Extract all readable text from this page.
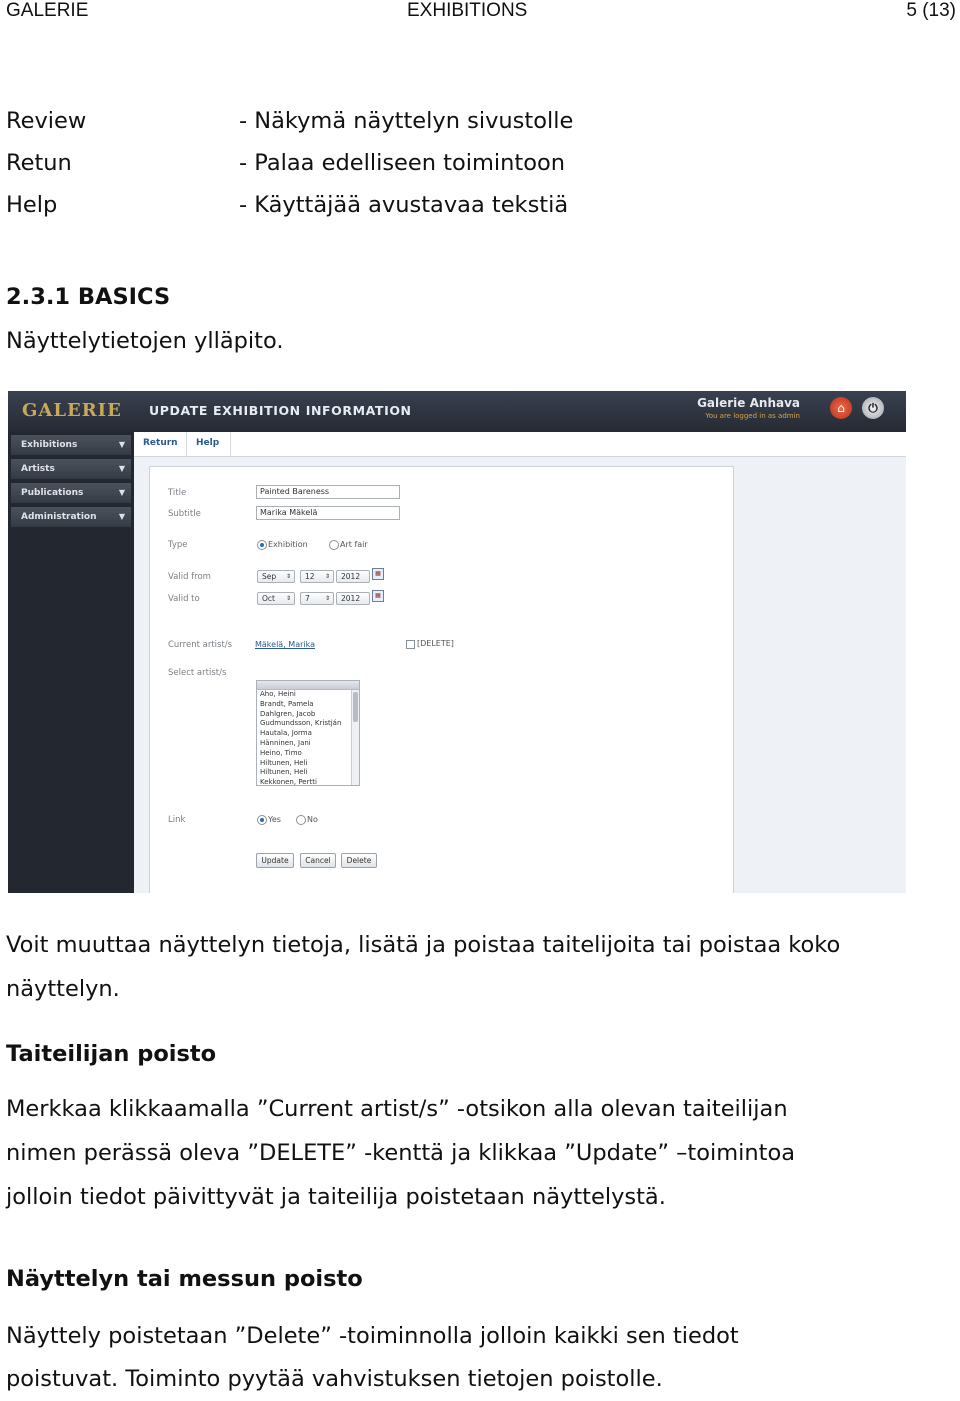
GALERIE	EXHIBITIONS	5 (13)
Review	- Näkymä näyttelyn sivustolle
Retun	- Palaa edelliseen toimintoon
Help	- Käyttäjää avustavaa tekstiä
2.3.1 BASICS
Näyttelytietojen ylläpito.
GALERIE UPDATE EXHIBITION INFORMATION	Galerie Anhava
You are logged in as admin
⌂	⏻
Exhibitions	▼
Artists	▼
Publications	▼
Administration	▼
Return Help
Title	Painted Bareness
Subtitle	Marika Mäkelä
Type	Exhibition	Art fair
Valid from	Sep ⇕	12 ⇕	2012	▦
Valid to	Oct ⇕	7	⇕	2012	▦
Current artist/s	Mäkelä, Marika	[DELETE]
Select artist/s
Aho, Heini
Brandt, Pamela
Dahlgren, Jacob
Gudmundsson, Kristján
Hautala, Jorma
Hänninen, Jani
Heino, Timo
Hiltunen, Heli
Hiltunen, Heli
Kekkonen, Pertti
Link	Yes	No
Update	Cancel	Delete
Voit muuttaa näyttelyn tietoja, lisätä ja poistaa taitelijoita tai poistaa koko
näyttelyn.
Taiteilijan poisto
Merkkaa klikkaamalla ”Current artist/s” -otsikon alla olevan taiteilijan
nimen perässä oleva ”DELETE” -kenttä ja klikkaa ”Update” –toimintoa
jolloin tiedot päivittyvät ja taiteilija poistetaan näyttelystä.
Näyttelyn tai messun poisto
Näyttely poistetaan ”Delete” -toiminnolla jolloin kaikki sen tiedot
poistuvat. Toiminto pyytää vahvistuksen tietojen poistolle.
